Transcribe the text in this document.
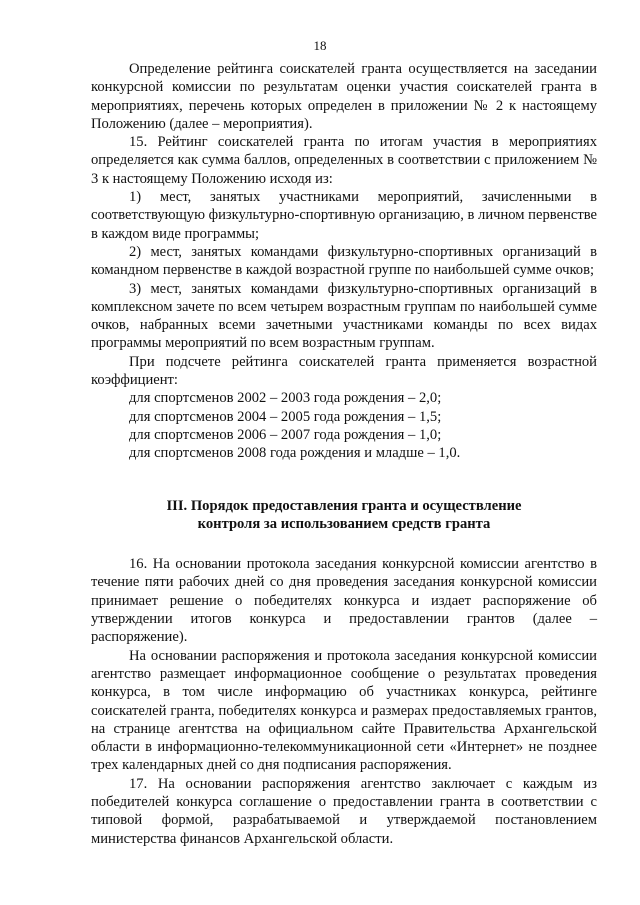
18

Определение рейтинга соискателей гранта осуществляется на заседании конкурсной комиссии по результатам оценки участия соискателей гранта в мероприятиях, перечень которых определен в приложении № 2 к настоящему Положению (далее – мероприятия).

15. Рейтинг соискателей гранта по итогам участия в мероприятиях определяется как сумма баллов, определенных в соответствии с приложением № 3 к настоящему Положению исходя из:

1) мест, занятых участниками мероприятий, зачисленными в соответствующую физкультурно-спортивную организацию, в личном первенстве в каждом виде программы;

2) мест, занятых командами физкультурно-спортивных организаций в командном первенстве в каждой возрастной группе по наибольшей сумме очков;

3) мест, занятых командами физкультурно-спортивных организаций в комплексном зачете по всем четырем возрастным группам по наибольшей сумме очков, набранных всеми зачетными участниками команды по всех видах программы мероприятий по всем возрастным группам.

При подсчете рейтинга соискателей гранта применяется возрастной коэффициент:

для спортсменов 2002 – 2003 года рождения – 2,0;

для спортсменов 2004 – 2005 года рождения – 1,5;

для спортсменов 2006 – 2007 года рождения – 1,0;

для спортсменов 2008 года рождения и младше – 1,0.

III. Порядок предоставления гранта и осуществление
контроля за использованием средств гранта

16. На основании протокола заседания конкурсной комиссии агентство в течение пяти рабочих дней со дня проведения заседания конкурсной комиссии принимает решение о победителях конкурса и издает распоряжение об утверждении итогов конкурса и предоставлении грантов (далее – распоряжение).

На основании распоряжения и протокола заседания конкурсной комиссии агентство размещает информационное сообщение о результатах проведения конкурса, в том числе информацию об участниках конкурса, рейтинге соискателей гранта, победителях конкурса и размерах предоставляемых грантов, на странице агентства на официальном сайте Правительства Архангельской области в информационно-телекоммуникационной сети «Интернет» не позднее трех календарных дней со дня подписания распоряжения.

17. На основании распоряжения агентство заключает с каждым из победителей конкурса соглашение о предоставлении гранта в соответствии с типовой формой, разрабатываемой и утверждаемой постановлением министерства финансов Архангельской области.
